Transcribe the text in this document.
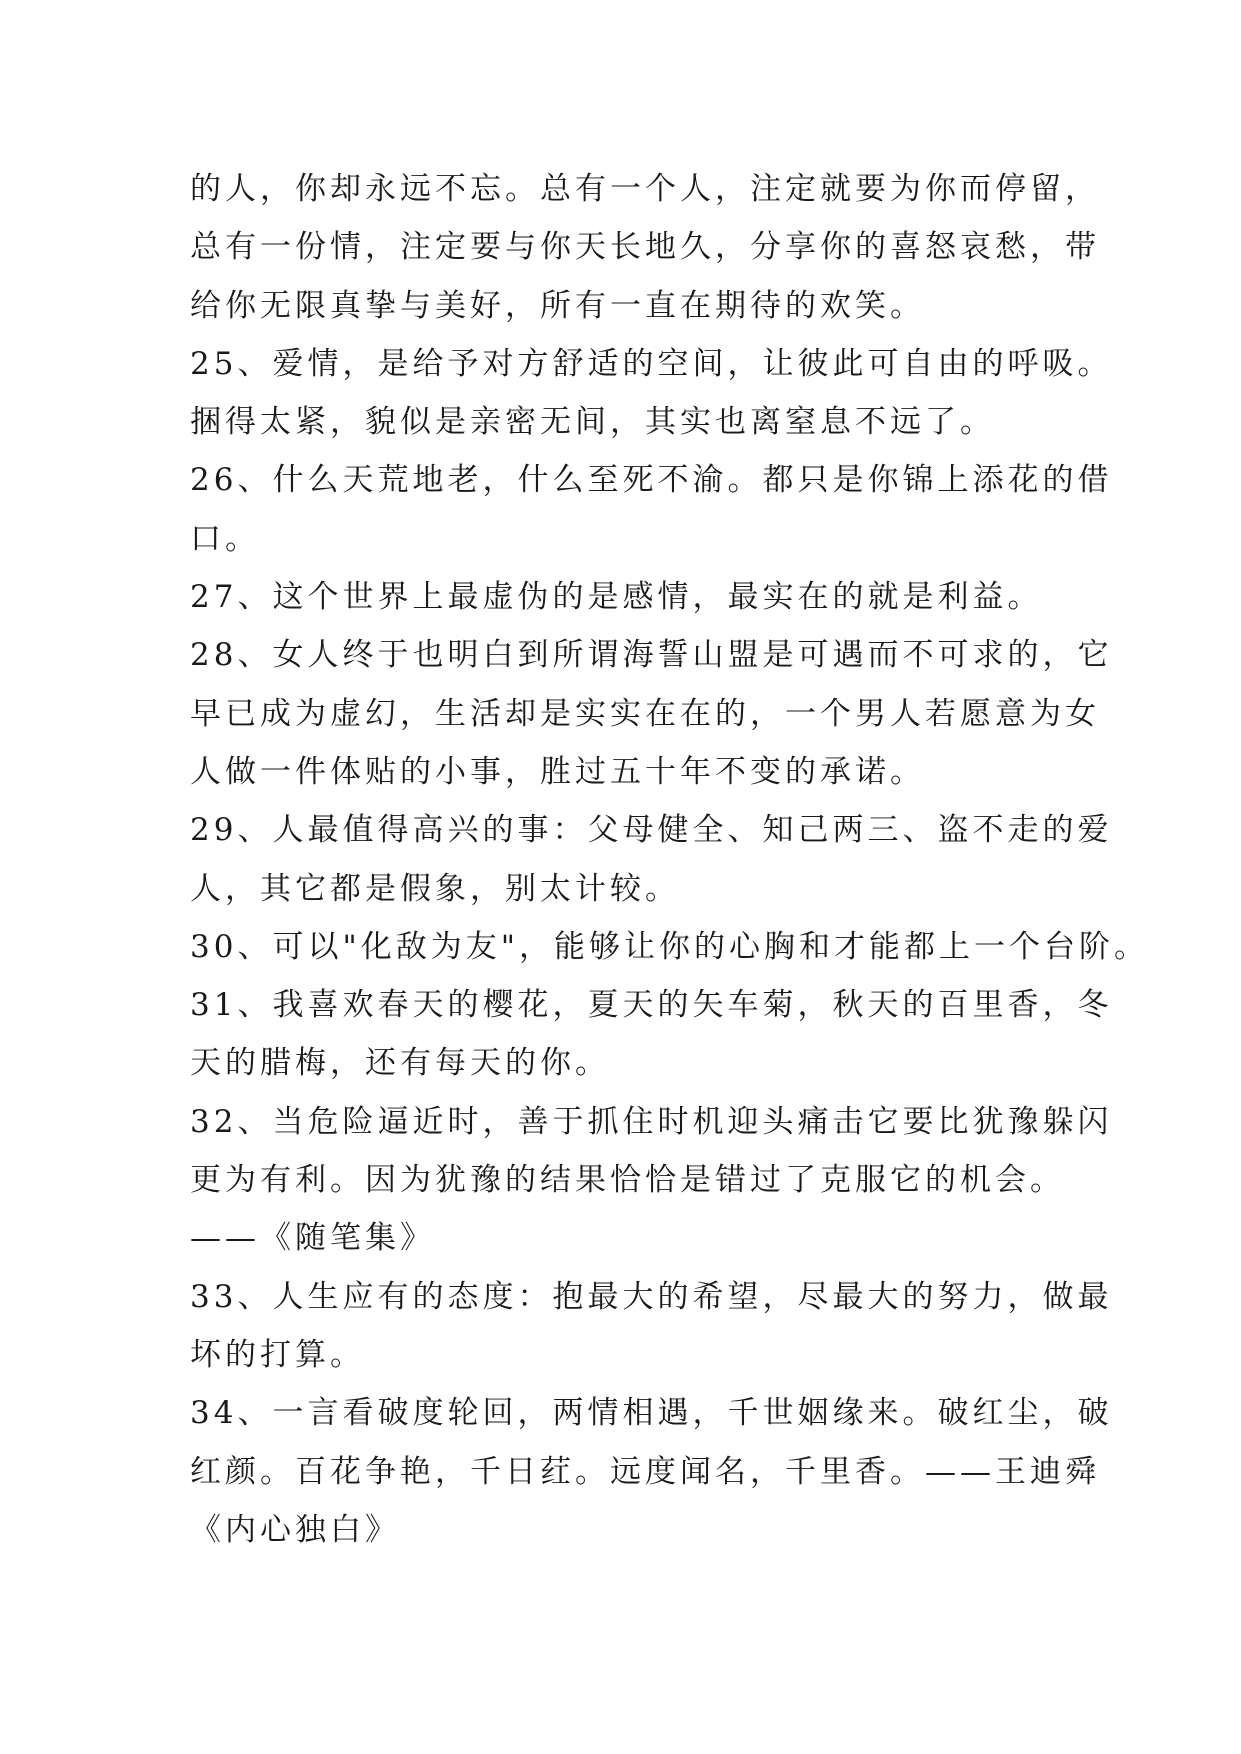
的人，你却永远不忘。总有一个人，注定就要为你而停留，
总有一份情，注定要与你天长地久，分享你的喜怒哀愁，带
给你无限真挚与美好，所有一直在期待的欢笑。
25、爱情，是给予对方舒适的空间，让彼此可自由的呼吸。
捆得太紧，貌似是亲密无间，其实也离窒息不远了。
26、什么天荒地老，什么至死不渝。都只是你锦上添花的借
口。
27、这个世界上最虚伪的是感情，最实在的就是利益。
28、女人终于也明白到所谓海誓山盟是可遇而不可求的，它
早已成为虚幻，生活却是实实在在的，一个男人若愿意为女
人做一件体贴的小事，胜过五十年不变的承诺。
29、人最值得高兴的事：父母健全、知己两三、盗不走的爱
人，其它都是假象，别太计较。
30、可以"化敌为友"，能够让你的心胸和才能都上一个台阶。
31、我喜欢春天的樱花，夏天的矢车菊，秋天的百里香，冬
天的腊梅，还有每天的你。
32、当危险逼近时，善于抓住时机迎头痛击它要比犹豫躲闪
更为有利。因为犹豫的结果恰恰是错过了克服它的机会。
——《随笔集》
33、人生应有的态度：抱最大的希望，尽最大的努力，做最
坏的打算。
34、一言看破度轮回，两情相遇，千世姻缘来。破红尘，破
红颜。百花争艳，千日荭。远度闻名，千里香。——王迪舜
《内心独白》
